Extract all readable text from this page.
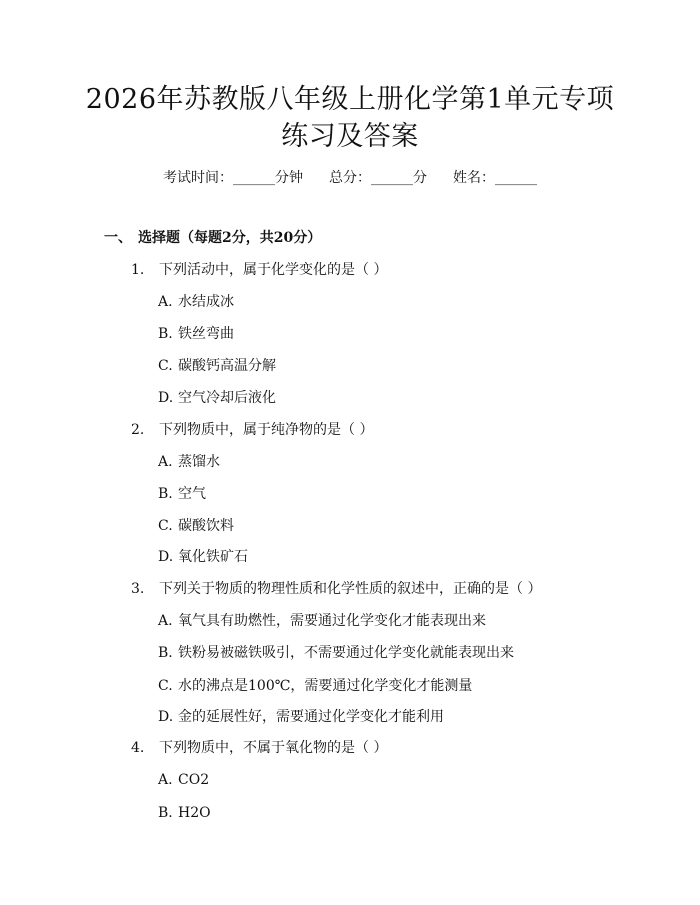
2026年苏教版八年级上册化学第1单元专项
练习及答案
考试时间：______分钟 总分：______分 姓名：______
一、 选择题（每题2分，共20分）
1. 下列活动中，属于化学变化的是（ ）
A. 水结成冰
B. 铁丝弯曲
C. 碳酸钙高温分解
D. 空气冷却后液化
2. 下列物质中，属于纯净物的是（ ）
A. 蒸馏水
B. 空气
C. 碳酸饮料
D. 氧化铁矿石
3. 下列关于物质的物理性质和化学性质的叙述中，正确的是（ ）
A. 氧气具有助燃性，需要通过化学变化才能表现出来
B. 铁粉易被磁铁吸引，不需要通过化学变化就能表现出来
C. 水的沸点是100℃，需要通过化学变化才能测量
D. 金的延展性好，需要通过化学变化才能利用
4. 下列物质中，不属于氧化物的是（ ）
A. CO2
B. H2O
